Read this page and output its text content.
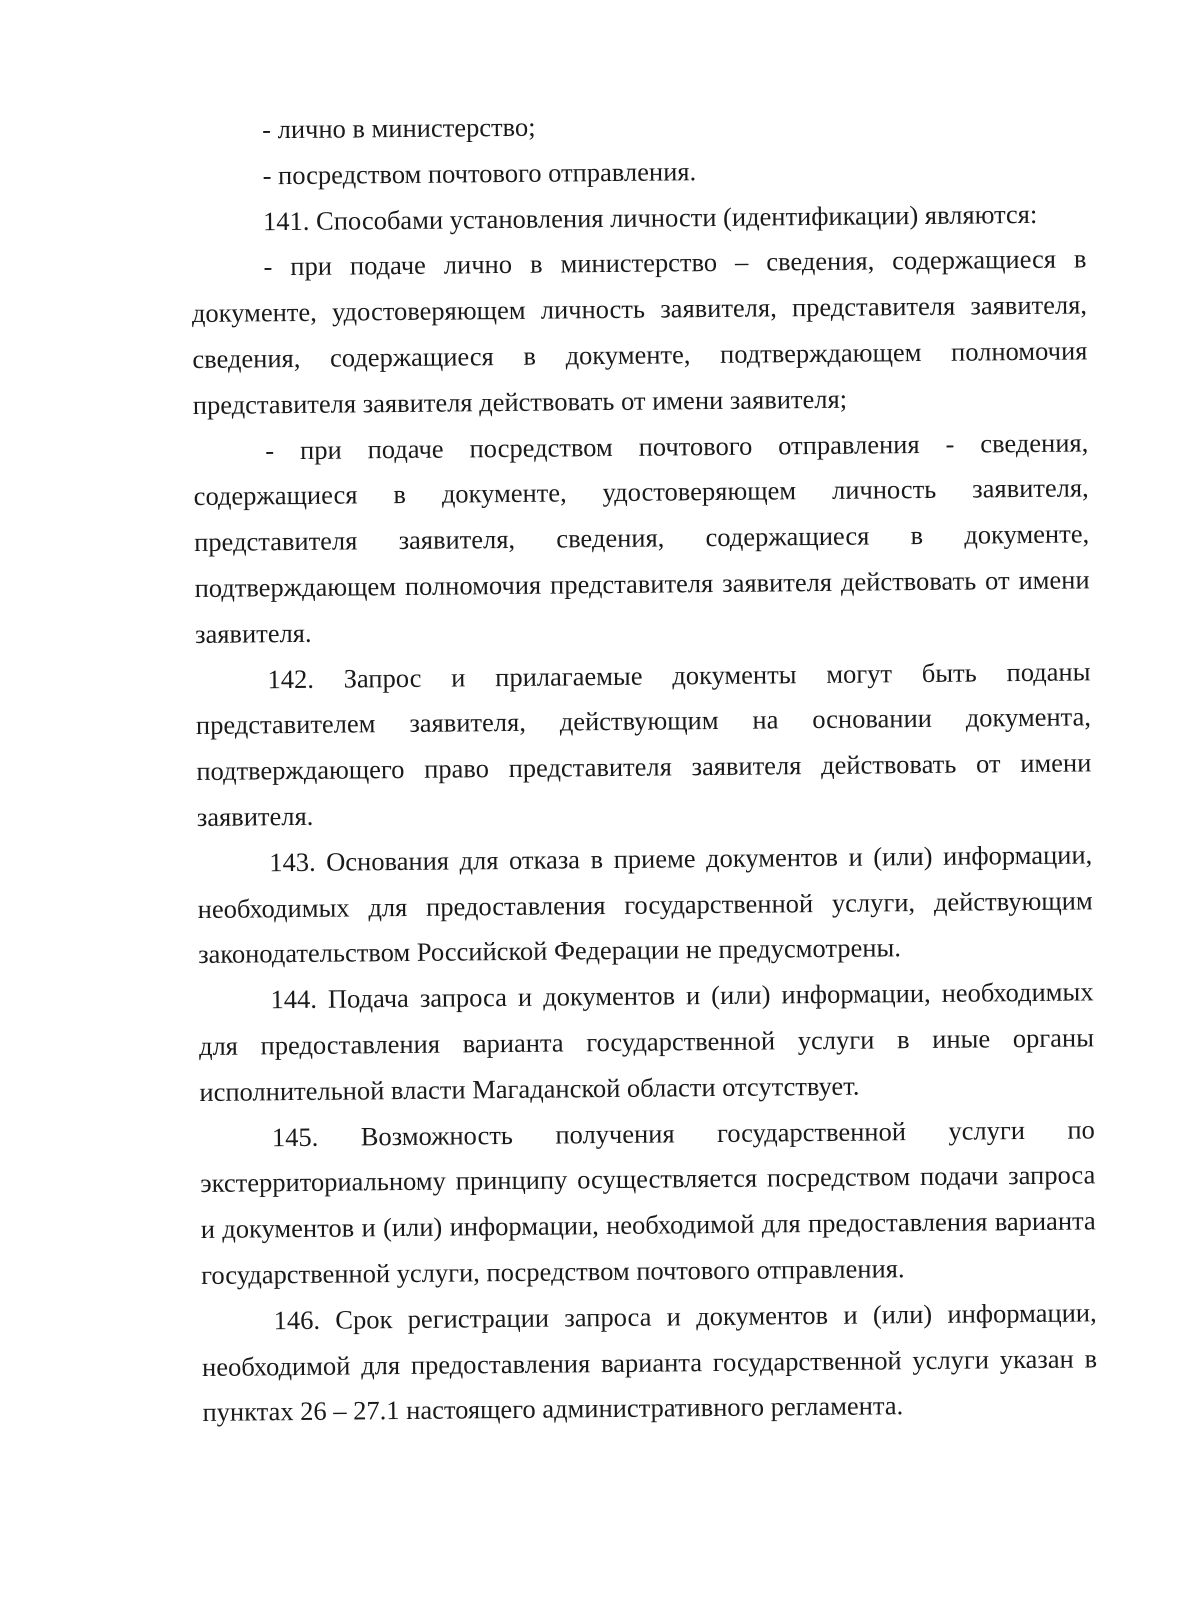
- лично в министерство;

- посредством почтового отправления.

141. Способами установления личности (идентификации) являются:

- при подаче лично в министерство – сведения, содержащиеся в документе, удостоверяющем личность заявителя, представителя заявителя, сведения, содержащиеся в документе, подтверждающем полномочия представителя заявителя действовать от имени заявителя;

- при подаче посредством почтового отправления - сведения, содержащиеся в документе, удостоверяющем личность заявителя, представителя заявителя, сведения, содержащиеся в документе, подтверждающем полномочия представителя заявителя действовать от имени заявителя.

142. Запрос и прилагаемые документы могут быть поданы представителем заявителя, действующим на основании документа, подтверждающего право представителя заявителя действовать от имени заявителя.

143. Основания для отказа в приеме документов и (или) информации, необходимых для предоставления государственной услуги, действующим законодательством Российской Федерации не предусмотрены.

144. Подача запроса и документов и (или) информации, необходимых для предоставления варианта государственной услуги в иные органы исполнительной власти Магаданской области отсутствует.

145. Возможность получения государственной услуги по экстерриториальному принципу осуществляется посредством подачи запроса и документов и (или) информации, необходимой для предоставления варианта государственной услуги, посредством почтового отправления.

146. Срок регистрации запроса и документов и (или) информации, необходимой для предоставления варианта государственной услуги указан в пунктах 26 – 27.1 настоящего административного регламента.
